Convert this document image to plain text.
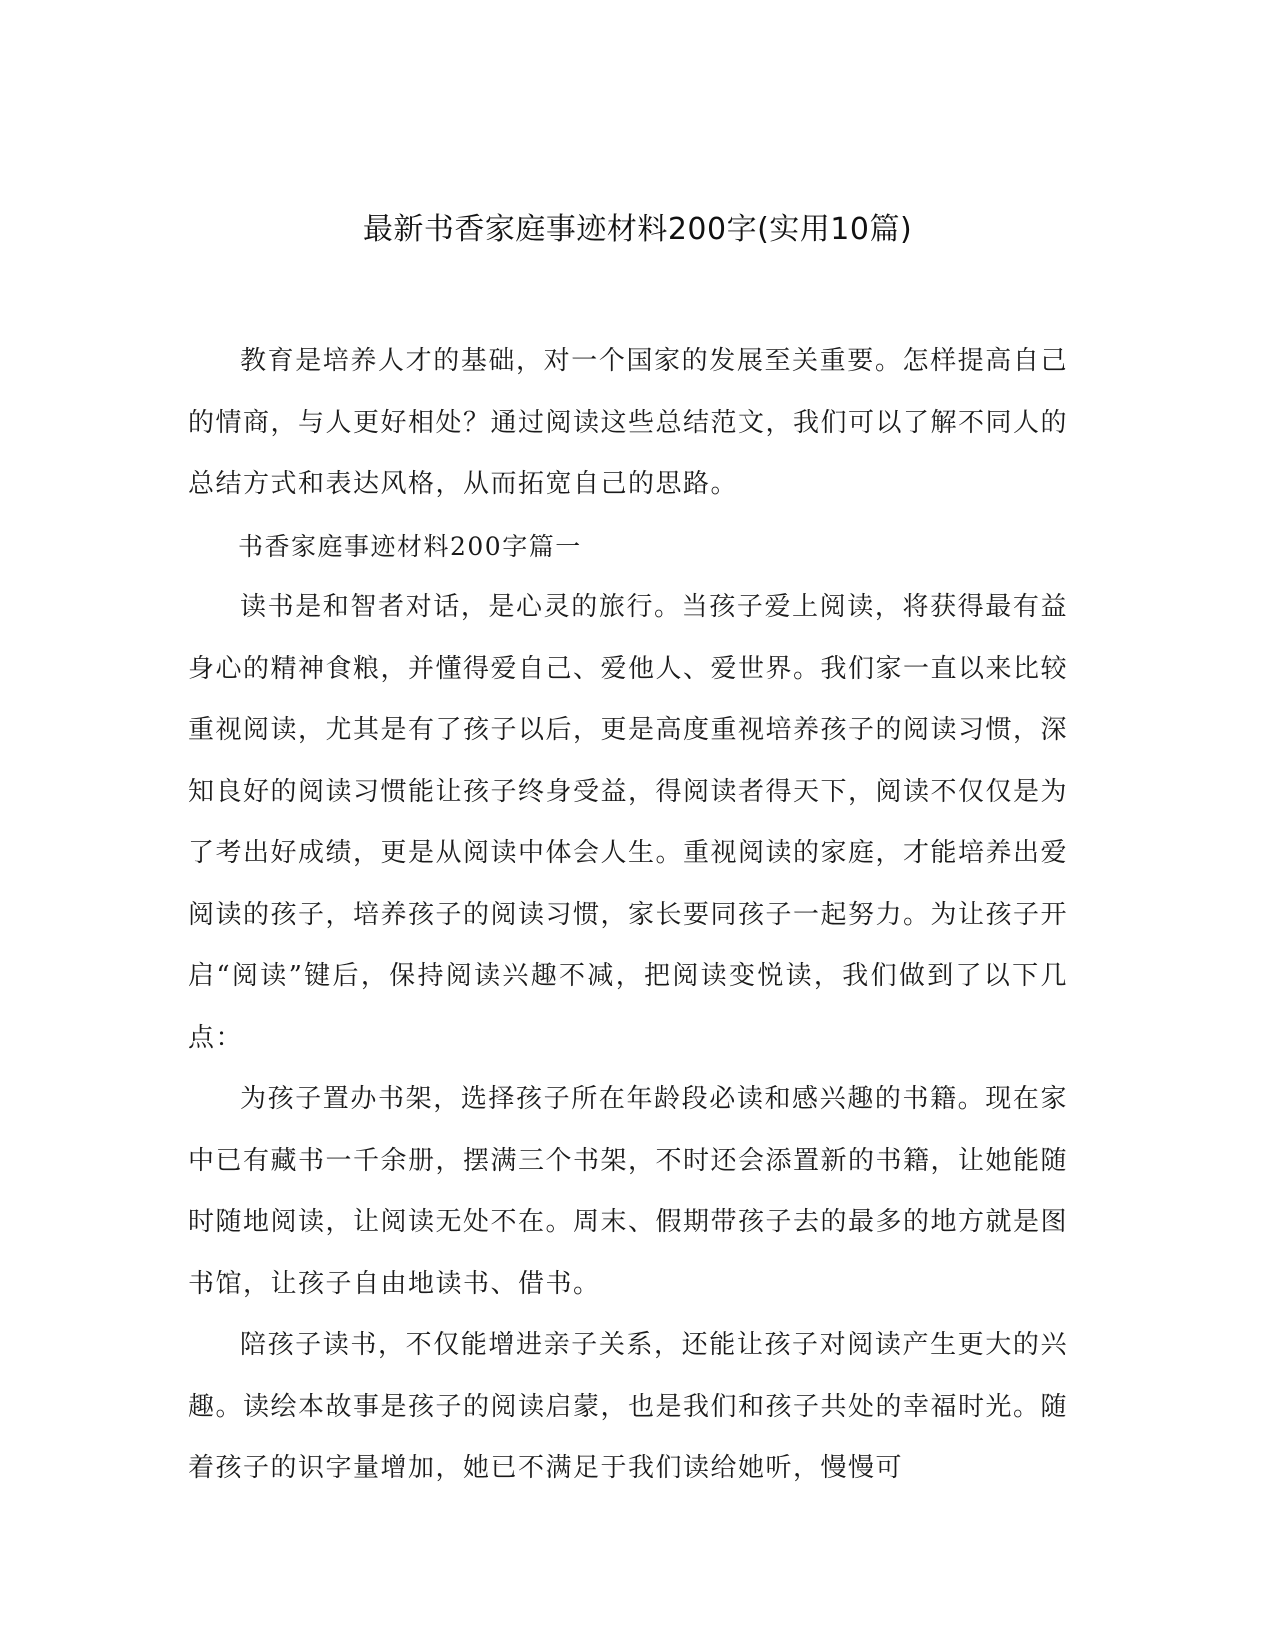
最新书香家庭事迹材料200字(实用10篇)

教育是培养人才的基础，对一个国家的发展至关重要。怎样提高自己的情商，与人更好相处？通过阅读这些总结范文，我们可以了解不同人的总结方式和表达风格，从而拓宽自己的思路。

书香家庭事迹材料200字篇一

读书是和智者对话，是心灵的旅行。当孩子爱上阅读，将获得最有益身心的精神食粮，并懂得爱自己、爱他人、爱世界。我们家一直以来比较重视阅读，尤其是有了孩子以后，更是高度重视培养孩子的阅读习惯，深知良好的阅读习惯能让孩子终身受益，得阅读者得天下，阅读不仅仅是为了考出好成绩，更是从阅读中体会人生。重视阅读的家庭，才能培养出爱阅读的孩子，培养孩子的阅读习惯，家长要同孩子一起努力。为让孩子开启“阅读”键后，保持阅读兴趣不减，把阅读变悦读，我们做到了以下几点：

为孩子置办书架，选择孩子所在年龄段必读和感兴趣的书籍。现在家中已有藏书一千余册，摆满三个书架，不时还会添置新的书籍，让她能随时随地阅读，让阅读无处不在。周末、假期带孩子去的最多的地方就是图书馆，让孩子自由地读书、借书。

陪孩子读书，不仅能增进亲子关系，还能让孩子对阅读产生更大的兴趣。读绘本故事是孩子的阅读启蒙，也是我们和孩子共处的幸福时光。随着孩子的识字量增加，她已不满足于我们读给她听，慢慢可
